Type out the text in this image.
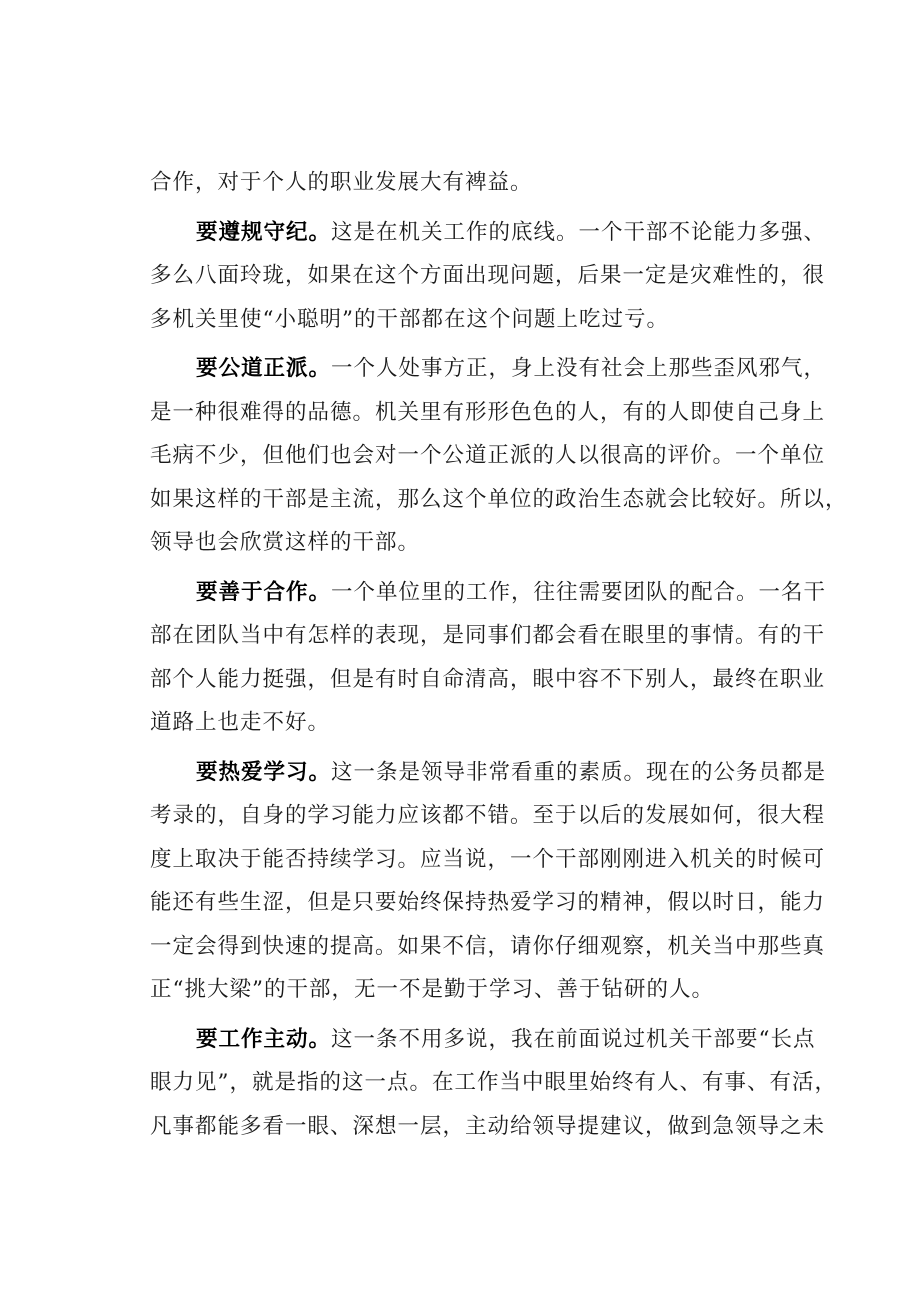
合作，对于个人的职业发展大有裨益。
要遵规守纪。这是在机关工作的底线。一个干部不论能力多强、
多么八面玲珑，如果在这个方面出现问题，后果一定是灾难性的，很
多机关里使“小聪明”的干部都在这个问题上吃过亏。
要公道正派。一个人处事方正，身上没有社会上那些歪风邪气，
是一种很难得的品德。机关里有形形色色的人，有的人即使自己身上
毛病不少，但他们也会对一个公道正派的人以很高的评价。一个单位
如果这样的干部是主流，那么这个单位的政治生态就会比较好。所以，
领导也会欣赏这样的干部。
要善于合作。一个单位里的工作，往往需要团队的配合。一名干
部在团队当中有怎样的表现，是同事们都会看在眼里的事情。有的干
部个人能力挺强，但是有时自命清高，眼中容不下别人，最终在职业
道路上也走不好。
要热爱学习。这一条是领导非常看重的素质。现在的公务员都是
考录的，自身的学习能力应该都不错。至于以后的发展如何，很大程
度上取决于能否持续学习。应当说，一个干部刚刚进入机关的时候可
能还有些生涩，但是只要始终保持热爱学习的精神，假以时日，能力
一定会得到快速的提高。如果不信，请你仔细观察，机关当中那些真
正“挑大梁”的干部，无一不是勤于学习、善于钻研的人。
要工作主动。这一条不用多说，我在前面说过机关干部要“长点
眼力见”，就是指的这一点。在工作当中眼里始终有人、有事、有活，
凡事都能多看一眼、深想一层，主动给领导提建议，做到急领导之未
